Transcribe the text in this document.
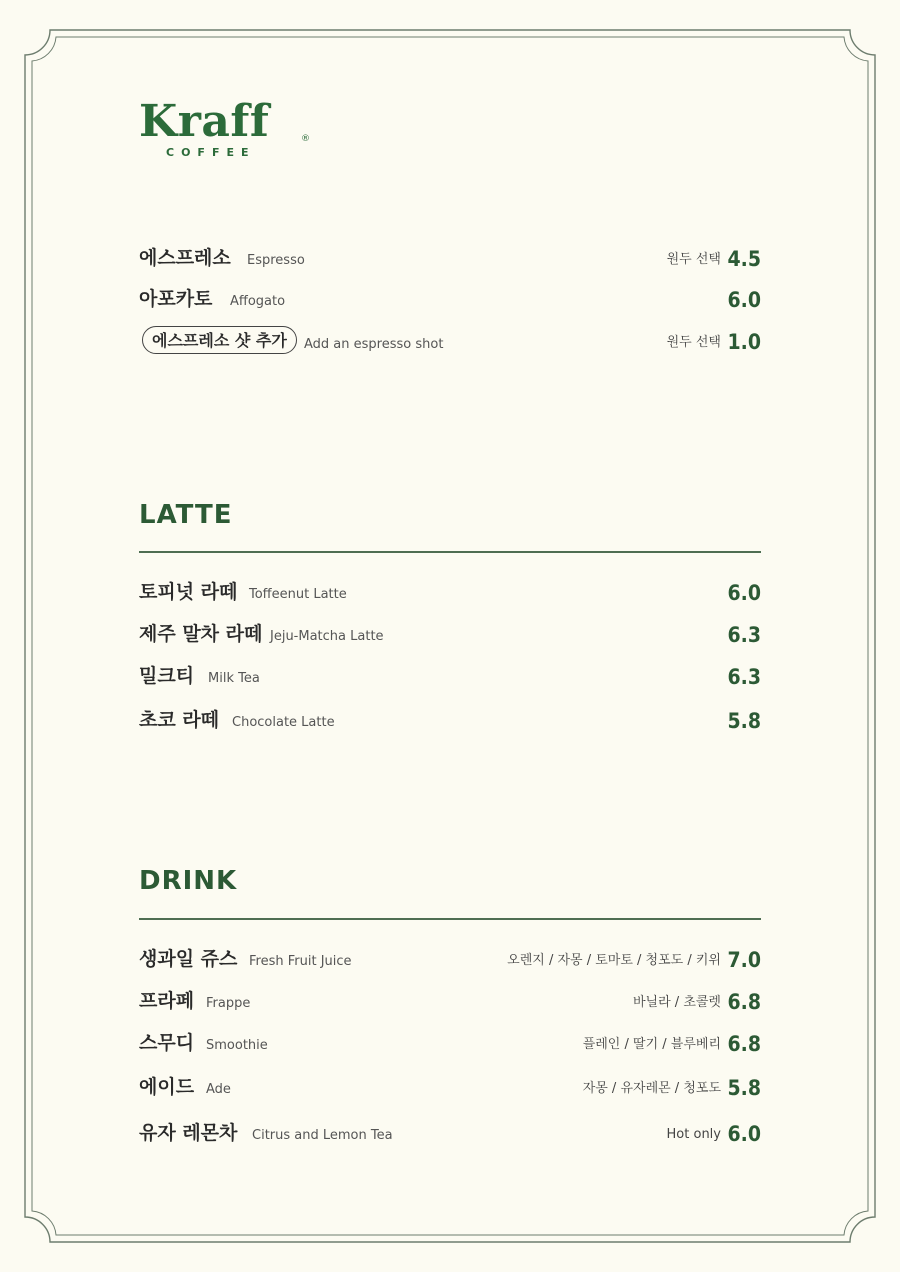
Kraff	®
COFFEE
에스프레소 Espresso	원두 선택 4.5
아포카토 Affogato	6.0
에스프레소 샷 추가	Add an espresso shot	원두 선택 1.0
LATTE
토피넛 라떼 Toffeenut Latte	6.0
제주 말차 라떼 Jeju-Matcha Latte	6.3
밀크티 Milk Tea	6.3
초코 라떼 Chocolate Latte	5.8
DRINK
생과일 쥬스 Fresh Fruit Juice	오렌지 / 자몽 / 토마토 / 청포도 / 키위 7.0
프라페 Frappe	바닐라 / 초콜렛 6.8
스무디 Smoothie	플레인 / 딸기 / 블루베리 6.8
에이드 Ade	자몽 / 유자레몬 / 청포도 5.8
유자 레몬차 Citrus and Lemon Tea	Hot only 6.0
